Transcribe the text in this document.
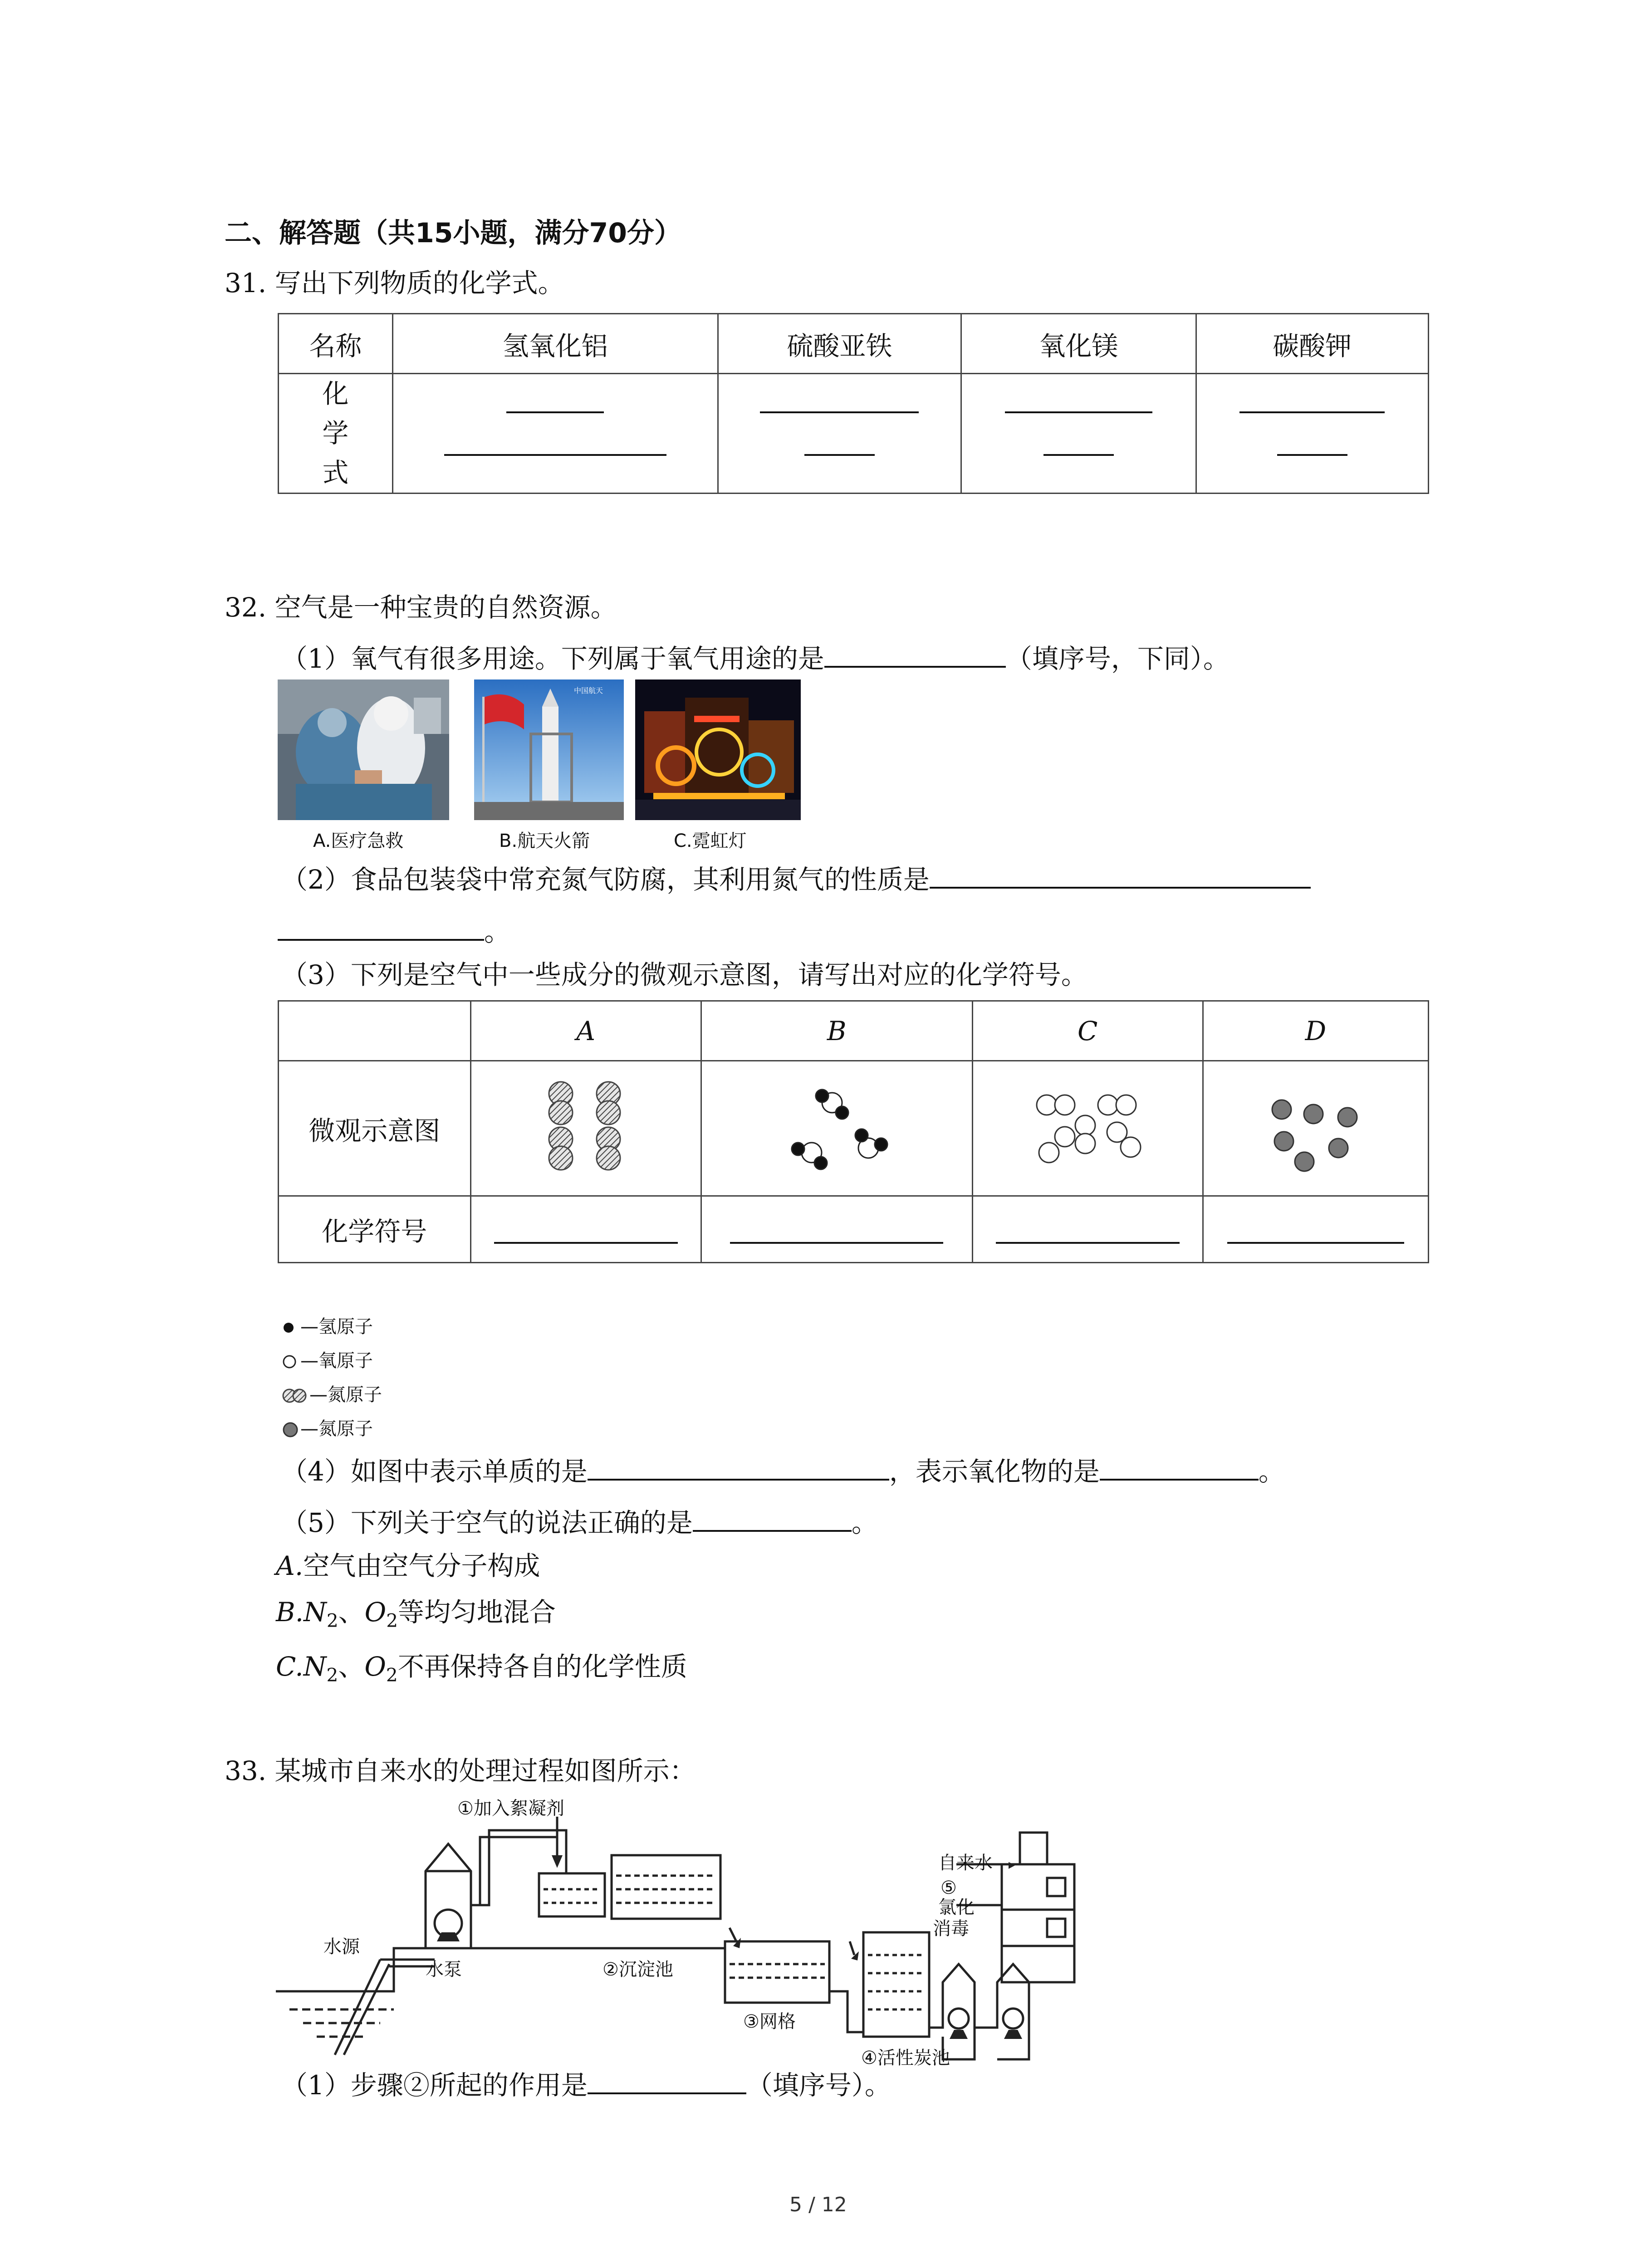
二、解答题（共15小题，满分70分）
31. 写出下列物质的化学式。
名称	氢氧化铝	硫酸亚铁	氧化镁	碳酸钾
化学式	

32. 空气是一种宝贵的自然资源。
（1）氧气有很多用途。下列属于氧气用途的是	（填序号，下同）。
A.医疗急救
中国航天
B.航天火箭	C.霓虹灯
（2）食品包装袋中常充氮气防腐，其利用氮气的性质是
。
（3）下列是空气中一些成分的微观示意图，请写出对应的化学符号。
	A	B	C	D
微观示意图				
化学符号	

—氢原子
—氧原子
—氮原子
—氮原子
（4）如图中表示单质的是	，表示氧化物的是	。
（5）下列关于空气的说法正确的是	。
A.空气由空气分子构成
$B.N_2$、$O_2$等均匀地混合
$C.N_2$、$O_2$不再保持各自的化学性质
33. 某城市自来水的处理过程如图所示：
①加入絮凝剂
水源
水泵	②沉淀池
③网格
④活性炭池
自来水
⑤
氯化
消毒
（1）步骤②所起的作用是	（填序号）。
5 / 12
